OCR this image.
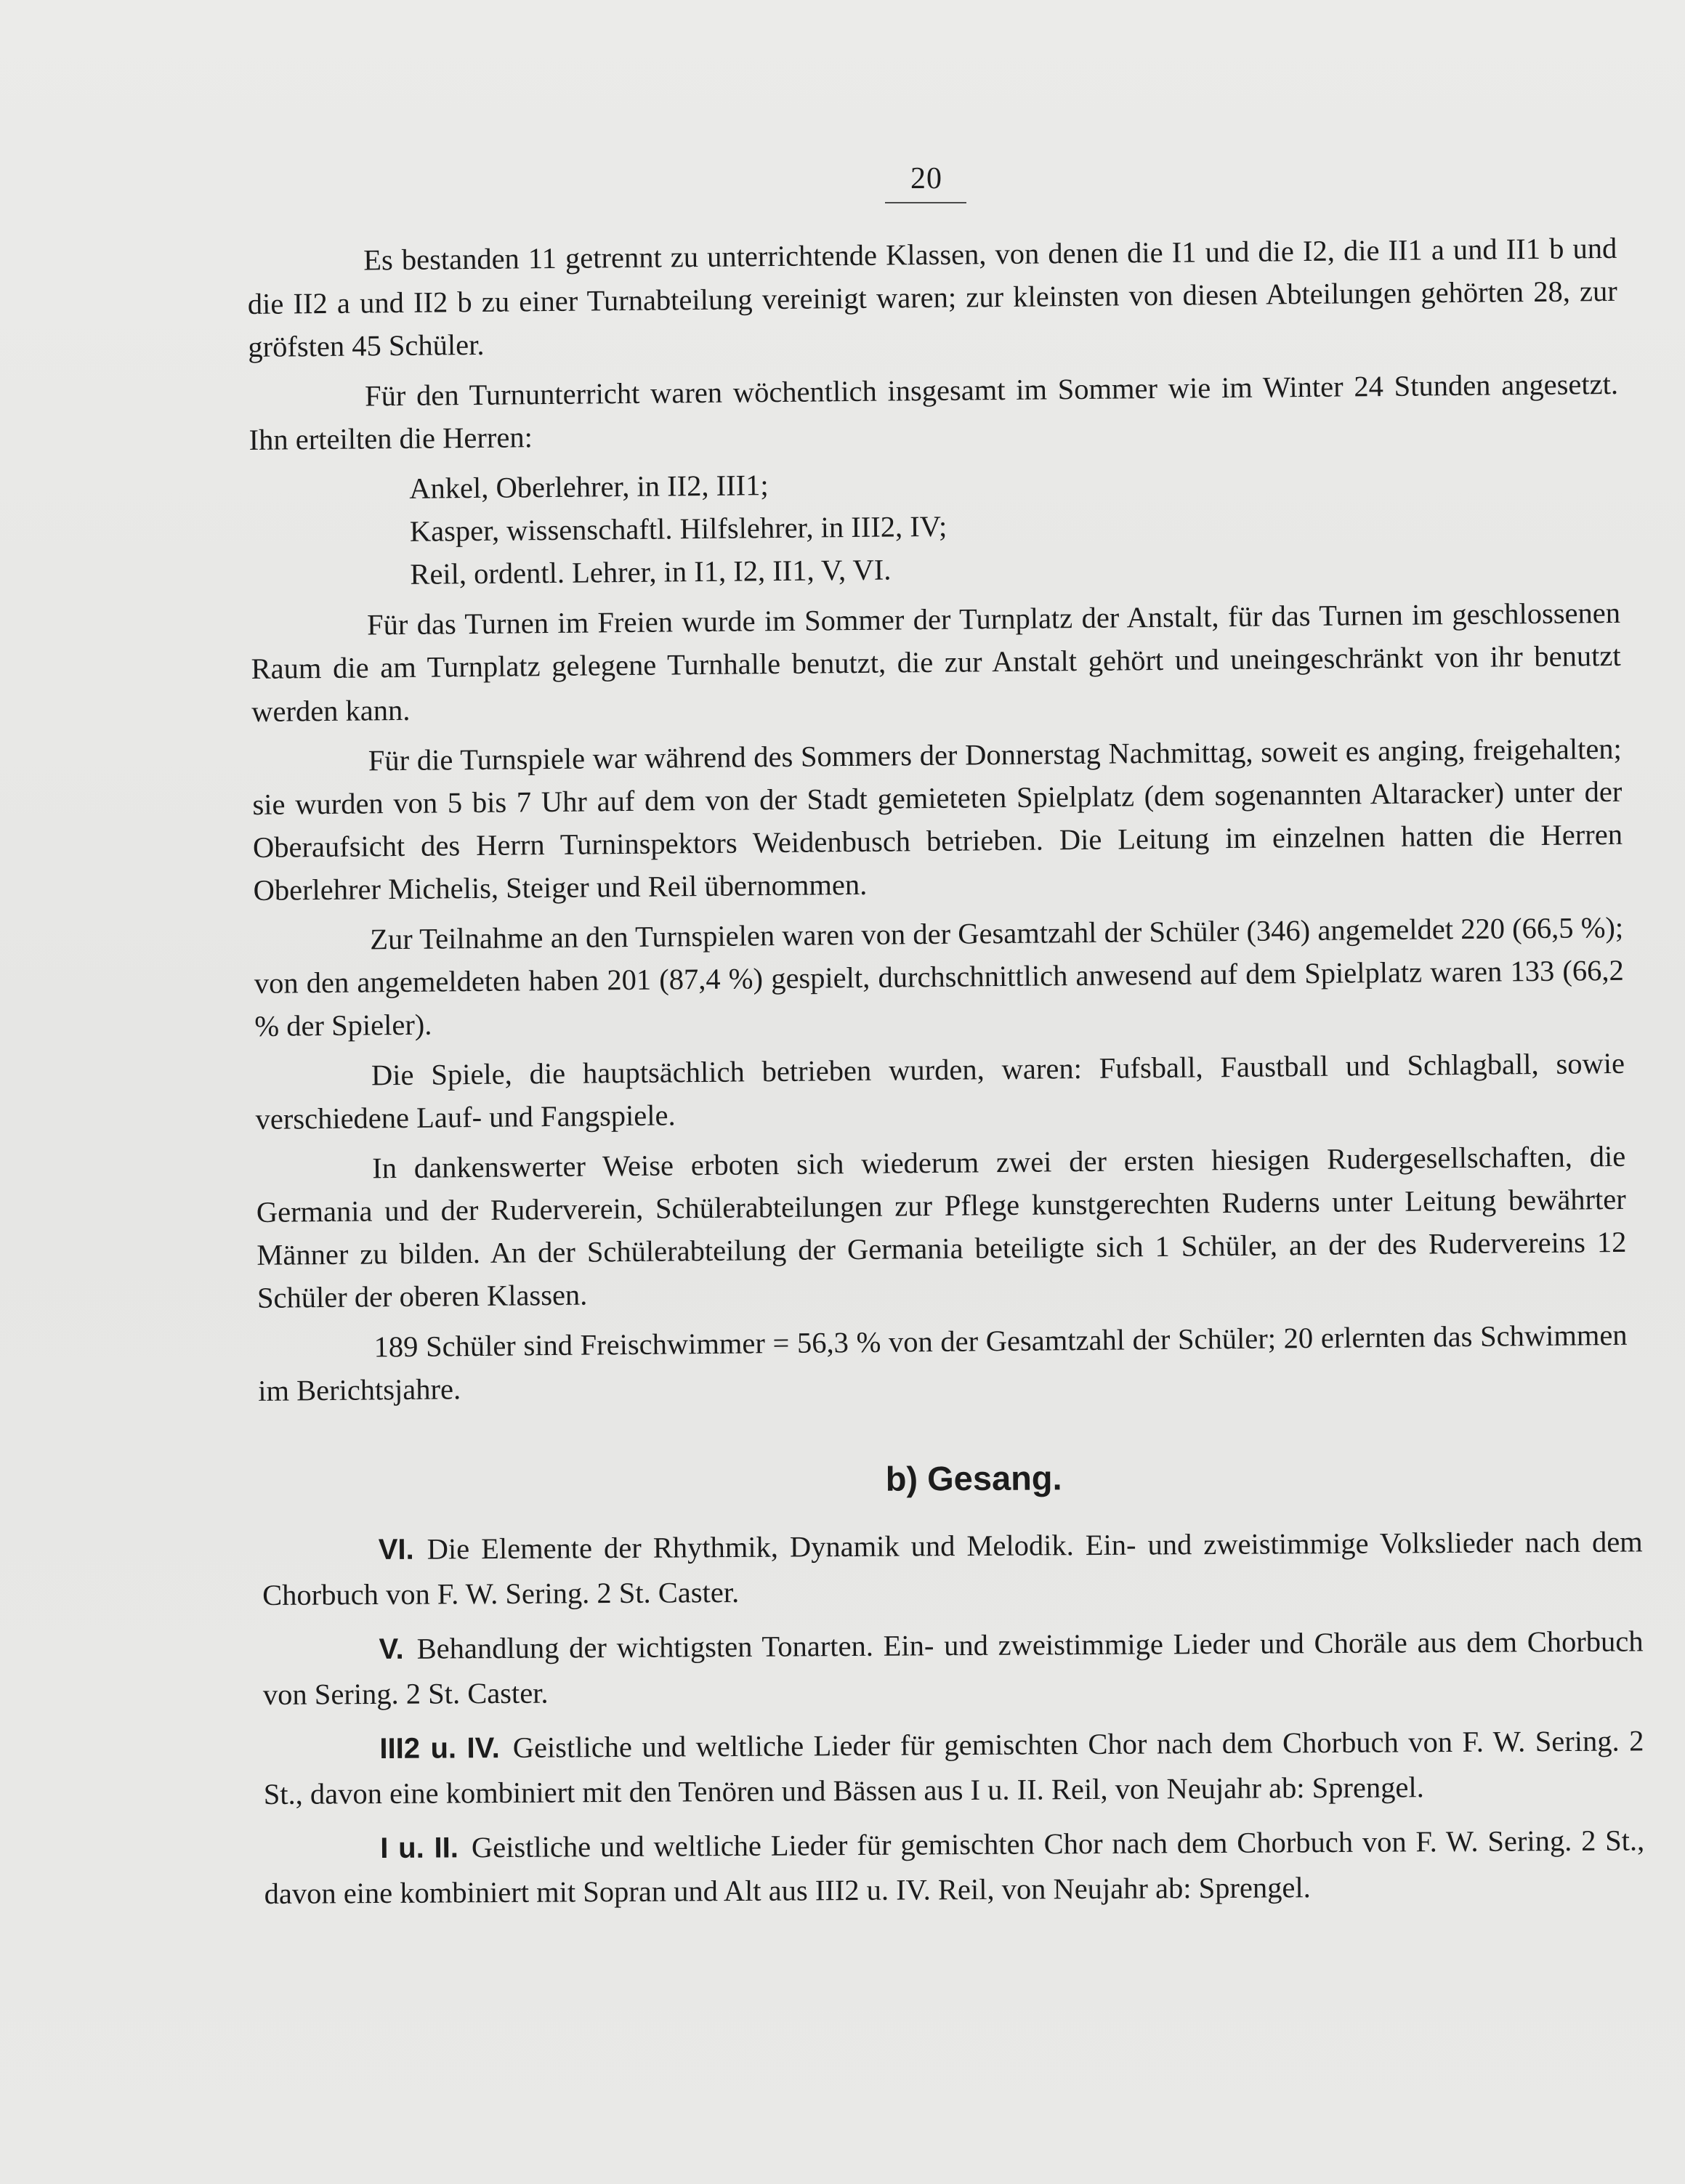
20

Es bestanden 11 getrennt zu unterrichtende Klassen, von denen die I1 und die I2, die II1 a und II1 b und die II2 a und II2 b zu einer Turnabteilung vereinigt waren; zur kleinsten von diesen Abteilungen gehörten 28, zur gröfsten 45 Schüler.

Für den Turnunterricht waren wöchentlich insgesamt im Sommer wie im Winter 24 Stunden angesetzt. Ihn erteilten die Herren:

Ankel, Oberlehrer, in II2, III1;
Kasper, wissenschaftl. Hilfslehrer, in III2, IV;
Reil, ordentl. Lehrer, in I1, I2, II1, V, VI.

Für das Turnen im Freien wurde im Sommer der Turnplatz der Anstalt, für das Turnen im geschlossenen Raum die am Turnplatz gelegene Turnhalle benutzt, die zur Anstalt gehört und uneingeschränkt von ihr benutzt werden kann.

Für die Turnspiele war während des Sommers der Donnerstag Nachmittag, soweit es anging, freigehalten; sie wurden von 5 bis 7 Uhr auf dem von der Stadt gemieteten Spielplatz (dem sogenannten Altaracker) unter der Oberaufsicht des Herrn Turninspektors Weidenbusch betrieben. Die Leitung im einzelnen hatten die Herren Oberlehrer Michelis, Steiger und Reil übernommen.

Zur Teilnahme an den Turnspielen waren von der Gesamtzahl der Schüler (346) angemeldet 220 (66,5 %); von den angemeldeten haben 201 (87,4 %) gespielt, durchschnittlich anwesend auf dem Spielplatz waren 133 (66,2 % der Spieler).

Die Spiele, die hauptsächlich betrieben wurden, waren: Fufsball, Faustball und Schlagball, sowie verschiedene Lauf- und Fangspiele.

In dankenswerter Weise erboten sich wiederum zwei der ersten hiesigen Rudergesellschaften, die Germania und der Ruderverein, Schülerabteilungen zur Pflege kunstgerechten Ruderns unter Leitung bewährter Männer zu bilden. An der Schülerabteilung der Germania beteiligte sich 1 Schüler, an der des Rudervereins 12 Schüler der oberen Klassen.

189 Schüler sind Freischwimmer = 56,3 % von der Gesamtzahl der Schüler; 20 erlernten das Schwimmen im Berichtsjahre.

b) Gesang.

VI. Die Elemente der Rhythmik, Dynamik und Melodik. Ein- und zweistimmige Volkslieder nach dem Chorbuch von F. W. Sering. 2 St. Caster.

V. Behandlung der wichtigsten Tonarten. Ein- und zweistimmige Lieder und Choräle aus dem Chorbuch von Sering. 2 St. Caster.

III2 u. IV. Geistliche und weltliche Lieder für gemischten Chor nach dem Chorbuch von F. W. Sering. 2 St., davon eine kombiniert mit den Tenören und Bässen aus I u. II. Reil, von Neujahr ab: Sprengel.

I u. II. Geistliche und weltliche Lieder für gemischten Chor nach dem Chorbuch von F. W. Sering. 2 St., davon eine kombiniert mit Sopran und Alt aus III2 u. IV. Reil, von Neujahr ab: Sprengel.
